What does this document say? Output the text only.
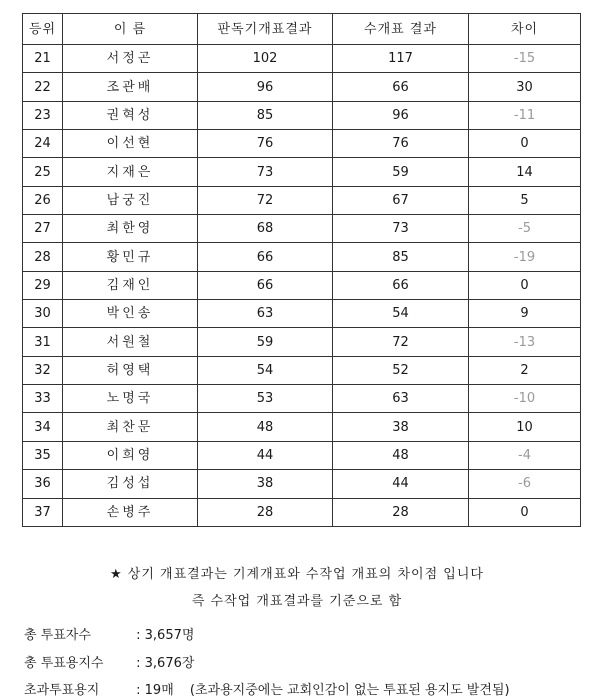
등위	이 름	판독기개표결과	수개표 결과	차이
21	서정곤	102	117	-15
22	조관배	96	66	30
23	권혁성	85	96	-11
24	이선현	76	76	0
25	지재은	73	59	14
26	남궁진	72	67	5
27	최한영	68	73	-5
28	황민규	66	85	-19
29	김재인	66	66	0
30	박인송	63	54	9
31	서원철	59	72	-13
32	허영택	54	52	2
33	노명국	53	63	-10
34	최찬문	48	38	10
35	이희영	44	48	-4
36	김성섭	38	44	-6
37	손병주	28	28	0
★ 상기 개표결과는 기계개표와 수작업 개표의 차이점 입니다
즉 수작업 개표결과를 기준으로 함
총 투표자수	: 3,657명
총 투표용지수	: 3,676장
초과투표용지	: 19매 (초과용지중에는 교회인감이 없는 투표된 용지도 발견됨)
